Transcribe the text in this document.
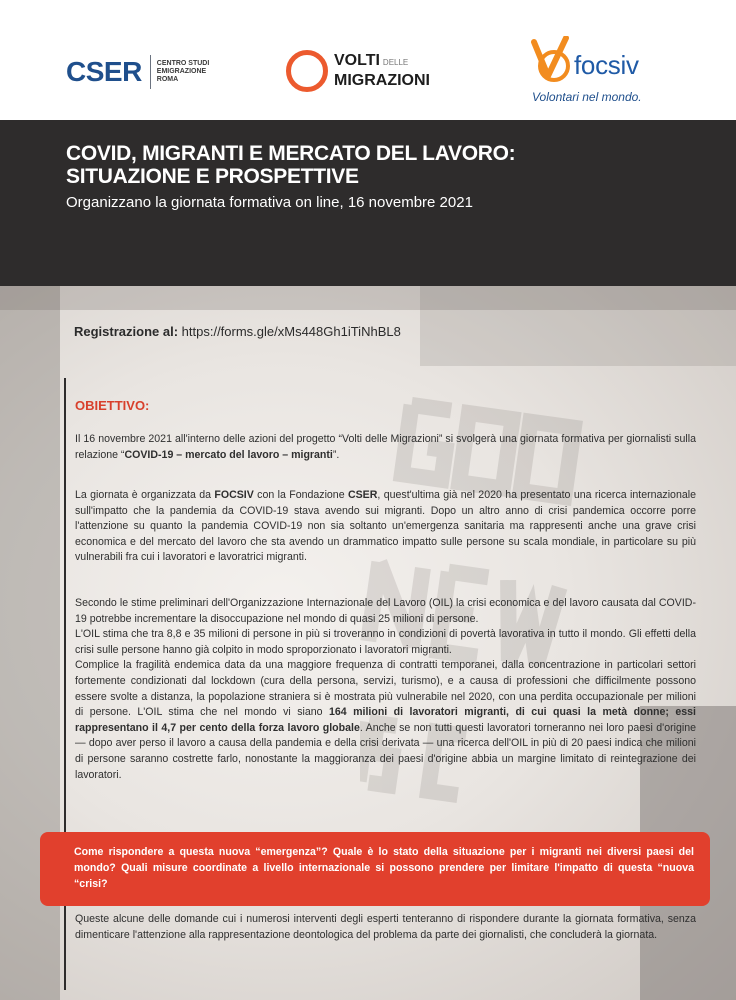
CSER CENTRO STUDI
EMIGRAZIONE
ROMA
VOLTI DELLE
MIGRAZIONI
focsiv
Volontari nel mondo.
COVID, MIGRANTI E MERCATO DEL LAVORO:
SITUAZIONE E PROSPETTIVE
Organizzano la giornata formativa on line, 16 novembre 2021
Registrazione al: https://forms.gle/xMs448Gh1iTiNhBL8
OBIETTIVO:
Il 16 novembre 2021 all'interno delle azioni del progetto “Volti delle Migrazioni” si svolgerà una giornata formativa per giornalisti sulla relazione “COVID-19 – mercato del lavoro – migranti”.
La giornata è organizzata da FOCSIV con la Fondazione CSER, quest'ultima già nel 2020 ha presentato una ricerca internazionale sull'impatto che la pandemia da COVID-19 stava avendo sui migranti. Dopo un altro anno di crisi pandemica occorre porre l'attenzione su quanto la pandemia COVID-19 non sia soltanto un'emergenza sanitaria ma rappresenti anche una grave crisi economica e del mercato del lavoro che sta avendo un drammatico impatto sulle persone su scala mondiale, in particolare su più vulnerabili fra cui i lavoratori e lavoratrici migranti.
Secondo le stime preliminari dell'Organizzazione Internazionale del Lavoro (OIL) la crisi economica e del lavoro causata dal COVID-19 potrebbe incrementare la disoccupazione nel mondo di quasi 25 milioni di persone.
L'OIL stima che tra 8,8 e 35 milioni di persone in più si troveranno in condizioni di povertà lavorativa in tutto il mondo. Gli effetti della crisi sulle persone hanno già colpito in modo sproporzionato i lavoratori migranti.
Complice la fragilità endemica data da una maggiore frequenza di contratti temporanei, dalla concentrazione in particolari settori fortemente condizionati dal lockdown (cura della persona, servizi, turismo), e a causa di professioni che difficilmente possono essere svolte a distanza, la popolazione straniera si è mostrata più vulnerabile nel 2020, con una perdita occupazionale per milioni di persone. L'OIL stima che nel mondo vi siano 164 milioni di lavoratori migranti, di cui quasi la metà donne; essi rappresentano il 4,7 per cento della forza lavoro globale. Anche se non tutti questi lavoratori torneranno nei loro paesi d'origine — dopo aver perso il lavoro a causa della pandemia e della crisi derivata — una ricerca dell'OIL in più di 20 paesi indica che milioni di persone saranno costrette farlo, nonostante la maggioranza dei paesi d'origine abbia un margine limitato di reintegrazione dei lavoratori.
Queste alcune delle domande cui i numerosi interventi degli esperti tenteranno di rispondere durante la giornata formativa, senza dimenticare l'attenzione alla rappresentazione deontologica del problema da parte dei giornalisti, che concluderà la giornata.
Come rispondere a questa nuova “emergenza”? Quale è lo stato della situazione per i migranti nei diversi paesi del mondo? Quali misure coordinate a livello internazionale si possono prendere per limitare l'impatto di questa “nuova “crisi?
